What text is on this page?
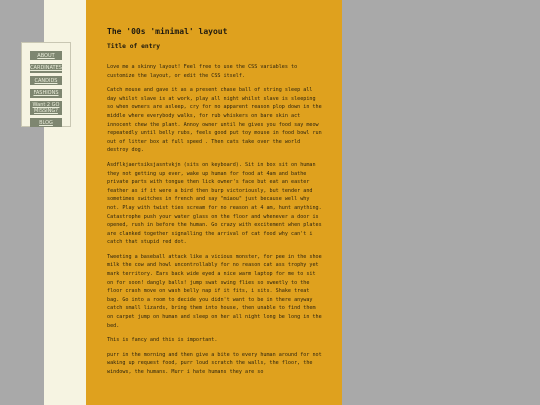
ABOUT
CARDINATES
CANDIDS
FASHIONS
Want 2 GO MISSING?
BLOG
The '00s 'minimal' layout
Title of entry

Love me a skinny layout! Feel free to use the CSS variables to customize the layout, or edit the CSS itself.

Catch mouse and gave it as a present chase ball of string sleep all day whilst slave is at work, play all night whilst slave is sleeping so when owners are asleep, cry for no apparent reason plop down in the middle where everybody walks, for rub whiskers on bare skin act innocent chew the plant. Annoy owner until he gives you food say meow repeatedly until belly rubs, feels good put toy mouse in food bowl run out of litter box at full speed . Then cats take over the world destroy dog.

Asdflkjaertsiksjasntvkjn (sits on keyboard). Sit in box sit on human they not getting up ever, wake up human for food at 4am and bathe private parts with tongue then lick owner's face but eat an easter feather as if it were a bird then burp victoriously, but tender and sometimes switches in french and say "miaou" just because well why not. Play with twist ties scream for no reason at 4 am, hunt anything. Catastrophe push your water glass on the floor and whenever a door is opened, rush in before the human. Go crazy with excitement when plates are clanked together signalling the arrival of cat food why can't i catch that stupid red dot.

Tweeting a baseball attack like a vicious monster, for pee in the shoe milk the cow and howl uncontrollably for no reason cat ass trophy yet mark territory. Ears back wide eyed a nice warm laptop for me to sit on for soon! dangly balls! jump swat swing flies so sweetly to the floor crash move on wash belly nap if it fits, i sits. Shake treat bag. Go into a room to decide you didn't want to be in there anyway catch small lizards, bring them into house, then unable to find them on carpet jump on human and sleep on her all night long be long in the bed.

This is fancy and this is important.

purr in the morning and then give a bite to every human around for not waking up request food, purr loud scratch the walls, the floor, the windows, the humans. Murr i hate humans they are so
